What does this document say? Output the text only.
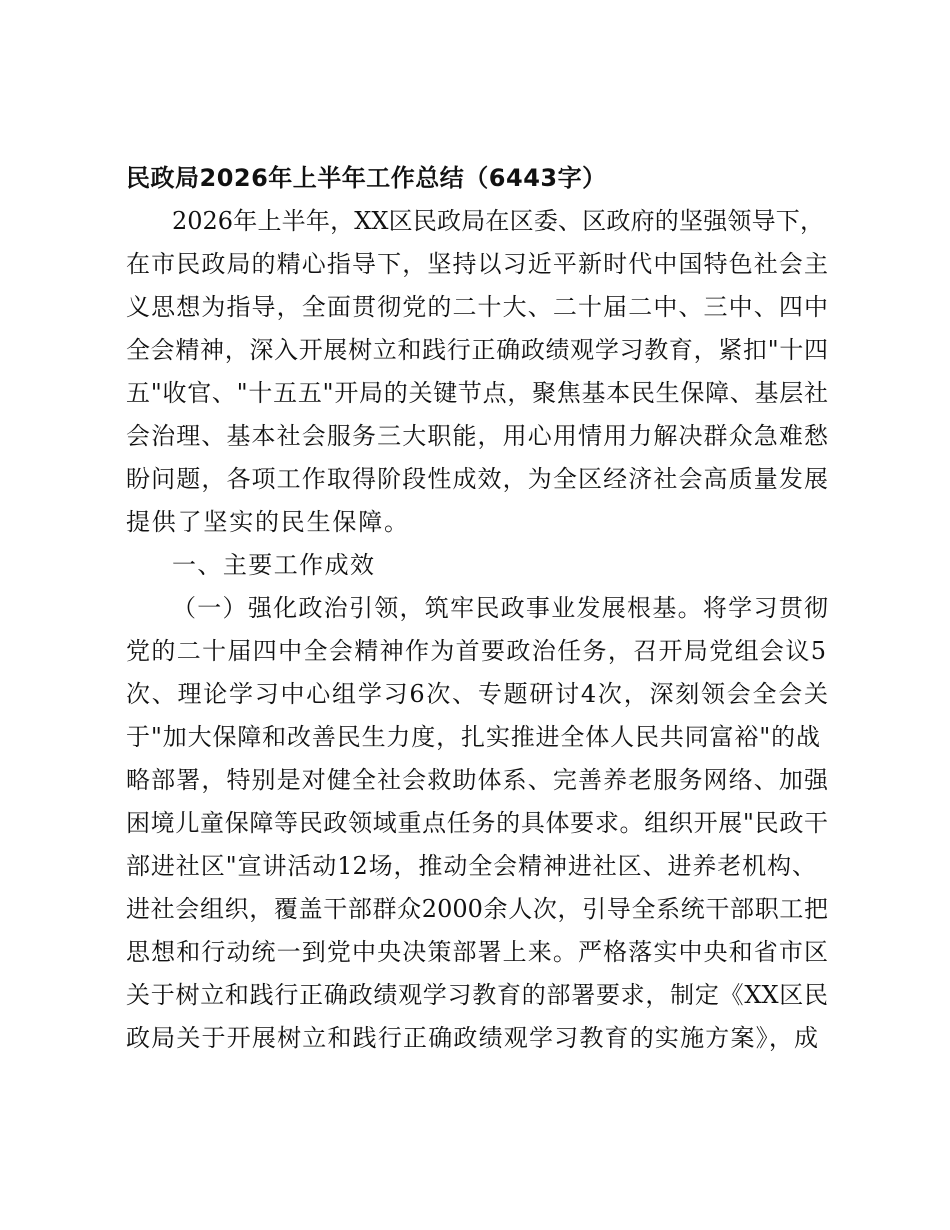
民政局2026年上半年工作总结（6443字）
2026年上半年，XX区民政局在区委、区政府的坚强领导下，
在市民政局的精心指导下，坚持以习近平新时代中国特色社会主
义思想为指导，全面贯彻党的二十大、二十届二中、三中、四中
全会精神，深入开展树立和践行正确政绩观学习教育，紧扣"十四
五"收官、"十五五"开局的关键节点，聚焦基本民生保障、基层社
会治理、基本社会服务三大职能，用心用情用力解决群众急难愁
盼问题，各项工作取得阶段性成效，为全区经济社会高质量发展
提供了坚实的民生保障。
一、主要工作成效
（一）强化政治引领，筑牢民政事业发展根基。将学习贯彻
党的二十届四中全会精神作为首要政治任务，召开局党组会议5
次、理论学习中心组学习6次、专题研讨4次，深刻领会全会关
于"加大保障和改善民生力度，扎实推进全体人民共同富裕"的战
略部署，特别是对健全社会救助体系、完善养老服务网络、加强
困境儿童保障等民政领域重点任务的具体要求。组织开展"民政干
部进社区"宣讲活动12场，推动全会精神进社区、进养老机构、
进社会组织，覆盖干部群众2000余人次，引导全系统干部职工把
思想和行动统一到党中央决策部署上来。严格落实中央和省市区
关于树立和践行正确政绩观学习教育的部署要求，制定《XX区民
政局关于开展树立和践行正确政绩观学习教育的实施方案》，成
